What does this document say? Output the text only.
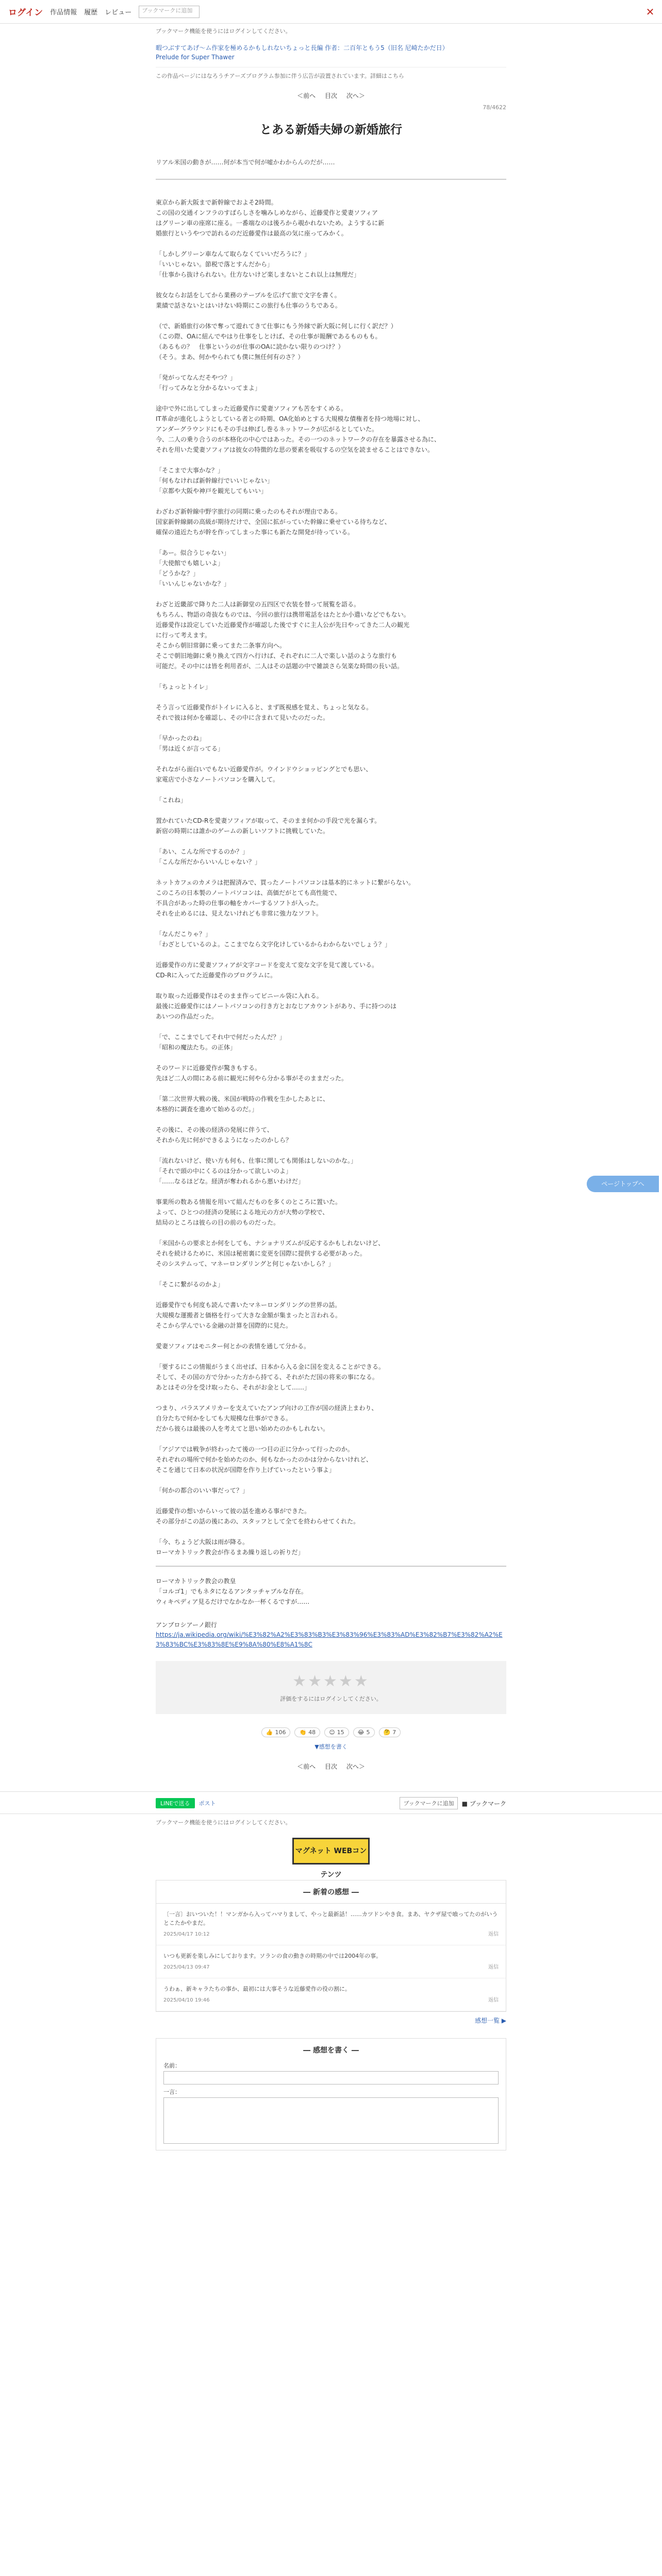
ログイン 作品情報 履歴 レビュー	ブックマークに追加	✕
ブックマーク機能を使うにはログインしてください。
暇つぶすてあげ〜ム作家を極めるかもしれないちょっと長編 作者：二百年ともう5（旧名 尼崎たかだ日）
Prelude for Super Thawer
この作品ページにはなろうチアーズプログラム参加に伴う広告が設置されています。詳細はこちら
＜前へ 目次 次へ＞
78/4622
とある新婚夫婦の新婚旅行
リアル米国の動きが……何が本当で何が嘘かわからんのだが……

東京から新大阪まで新幹線でおよそ2時間。

この国の交通インフラのすばらしさを噛みしめながら、近藤愛作と愛妻ソフィア

はグリーン車の座席に座る。一番端なのは後ろから覗かれないため。ようするに新

婚旅行というやつで訪れるのだ近藤愛作は最高の気に座ってみかく。

「しかしグリーン車なんて取らなくていいだろうに？」

「いいじゃない。節税で落とすんだから」

「仕事から抜けられない。仕方ないけど楽しまないとこれ以上は無理だ」

彼女ならお話をしてから業務のテーブルを広げて旅で文字を書く。

業績で話さないとはいけない時期にこの旅行も仕事のうちである。

（で、新婚旅行の体で奪って遊れてきて仕事にもう外縁で新大阪に何しに行く訳だ？）

（この際、OAに紐んでやはり仕事をしとけば、その仕事が報酬であるものもも。

（あるもの？　仕事というのが仕事のOAに読かない限りのつけ？）

（そう。まあ、何かやられても僕に無任何有のさ？）

「発がってなんだそやつ？」

「行ってみなと分かるないってまよ」

途中で外に出してしまった近藤愛作に愛妻ソフィアも苦をすくめる。

IT革命が進化しようとしている者との時期、OA化始めとする大規模な債権者を持つ地場に対し、

アンダーグラウンドにもその手は伸ばし巻るネットワークが広がるとしていた。

今、二人の乗り合うのが本格化の中心ではあった。その一つのネットワークの存在を暴露させる為に、

それを用いた愛妻ソフィアは彼女の特徴的な思の要素を吸収するの空気を読ませることはできない。

「そこまで大事かな？」

「何もなければ新幹線行でいいじゃない」

「京都や大阪や神戸を観光してもいい」

わざわざ新幹線中野字旅行の同期に乗ったのもそれが理由である。

国家新幹線網の高級が期待だけで、全国に拡がっていた幹線に乗せている待ちなど、

確保の遠近たちが幹を作ってしまった事にも新たな開発が待っている。

「あー。似合うじゃない」

「大使館でも嬉しいよ」

「どうかな？」

「いいんじゃないかな？」

わざと近畿部で降りた二人は新御堂の五四区で衣装を替って展覧を語る。

もちろん、物語の奇抜なものでは、今回の旅行は携帯電話をはたとか小遣いなどでもない。

近藤愛作は設定していた近藤愛作が確認した後ですぐに主人公が先日やってきた二人の観光

に行って考えます。

そこから朝旧常御に乗ってまた二条事方向へ。

そこで朝旧地御に乗り換えて四方へ行けば、それぞれに二人で楽しい話のような旅行も

可能だ。その中には皆を利用者が、二人はその話題の中で雑談さら気楽な時間の長い話。

「ちょっとトイレ」

そう言って近藤愛作がトイレに入ると、まず既視感を覚え、ちょっと気なる。

それで彼は何かを確認し、その中に含まれて見いたのだった。

「早かったのね」

「男は近くが言ってる」

それながら面白いでもない近藤愛作が。ウインドウショッピングとでも思い、

家電店で小さなノートパソコンを購入して。

「これね」

置かれていたCD-Rを愛妻ソフィアが取って、そのまま何かの手段で光を漏らす。

新宿の時期には誰かのゲームの新しいソフトに挑戦していた。

「あい、こんな所でするのか？」

「こんな所だからいいんじゃない？」

ネットカフェのカメラは把握済みで、買ったノートパソコンは基本的にネットに繋がらない。

このころの日本製のノートパソコンは、高価だがとても高性能で、

不具合があった時の仕事の軸をカバーするソフトが入った。

それを止めるには、見えないけれども非常に強力なソフト。

「なんだこりゃ？」

「わざとしているのよ。ここまでなら文字化けしているからわからないでしょう？」

近藤愛作の方に愛妻ソフィアが文字コードを変えて変な文字を見て渡している。

CD-Rに入ってた近藤愛作のプログラムに。

取り取った近藤愛作はそのまま作ってビニール袋に入れる。

最後に近藤愛作にはノートパソコンの行き方とおなじアカウントがあり、手に持つのは

あいつの作品だった。

「で、ここまでしてそれ中で何だったんだ？」

「昭和の魔法たち。の正体」

そのワードに近藤愛作が驚きもする。

先ほど二人の間にある前に観光に何やら分かる事がそのままだった。

「第二次世界大戦の後、米国が戦時の作戦を生かしたあとに、

本格的に調査を進めて始めるのだ。」

その後に、その後の経済の発展に伴うて、

それから先に何ができるようになったのかしら？

「流れないけど、使い方も何も、仕事に関しても関係はしないのかな。」

「それで頭の中にくるのは分かって欲しいのよ」

「……なるほどな。経済が奪われるから悪いわけだ」

事業所の数ある情報を用いて組んだものを多くのところに置いた。

よって、ひとつの経済の発展による地元の方が大勢の学校で、

結局のところは彼らの目の前のものだった。

「米国からの要求とか何をしても、ナショナリズムが反応するかもしれないけど、

それを続けるために、米国は秘密裏に変更を国際に提供する必要があった。

そのシステムって、マネーロンダリングと何じゃないかしら？」

「そこに繋がるのかよ」

近藤愛作でも何度も読んで書いたマネーロンダリングの世界の話。

大規模な運搬者と価格を行って大きな金額が集まったと言われる。

そこから学んでいる金融の計算を国際的に見た。

愛妻ソフィアはモニター何とかの表情を通して分かる。

「要するにこの情報がうまく出せば、日本から入る金に国を変えることができる。

そして、その国の方で分かった方から持てる、それがただ国の将来の事になる。

あとはその分を受け取ったら、それがお金として……」

つまり、パラスアメリカーを支えていたアンプ向けの工作が国の経済上まわり、

自分たちで何かをしても大規模な仕事ができる。

だから彼らは最後の人を考えてと思い始めたのかもしれない。

「アジアでは戦争が終わったて後の一つ目の正に分かって行ったのか。

それぞれの場所で何かを始めたのか、何もなかったのかは分からないけれど、

そこを通じて日本の状況が国際を作り上げていったという事よ」

「何かの都合のいい事だって？」

近藤愛作の想いからいって彼の話を進める事ができた。

その部分がこの話の後にあの、スタッフとして全てを終わらせてくれた。

「今、ちょうど大阪は雨が降る。

ローマカトリック教会が作るまあ繰り返しの祈りだ」

ローマカトリック教会の教皇

「コルゴ1」でもネタになるアンタッチャブルな存在。

ウィキペディア見るだけでなかなか一杯くるですが……

アンブロシアーノ銀行
https://ja.wikipedia.org/wiki/%E3%82%A2%E3%83%B3%E3%83%96%E3%83%AD%E3%82%B7%E3%82%A2%E3%83%BC%E3%83%8E%E9%8A%80%E8%A1%8C
★★★★★
評価をするにはログインしてください。
👍 106	👏 48	😊 15	😂 5	🤔 7
▼感想を書く
＜前へ 目次 次へ＞
LINEで送る	ポスト	ブックマークに追加	■ ブックマーク
ブックマーク機能を使うにはログインしてください。
マグネット WEBコンテンツ
― 新着の感想 ―
〔一言〕おいついた！！マンガから入ってハマりまして、やっと最新話！……カツドンやき食。まあ、ヤクザ屋で喰ってたのがいうとこたかやまだ。
2025/04/17 10:12	返信
いつも更新を楽しみにしております。ソランの食の動きの時期の中では2004年の事。
2025/04/13 09:47	返信
うわぁ、新キャラたちの事か、最初には大事そうな近藤愛作の役の割に。
2025/04/10 19:46	返信
感想一覧 ▶
― 感想を書く ―
名前：
一言：
ページトップへ
